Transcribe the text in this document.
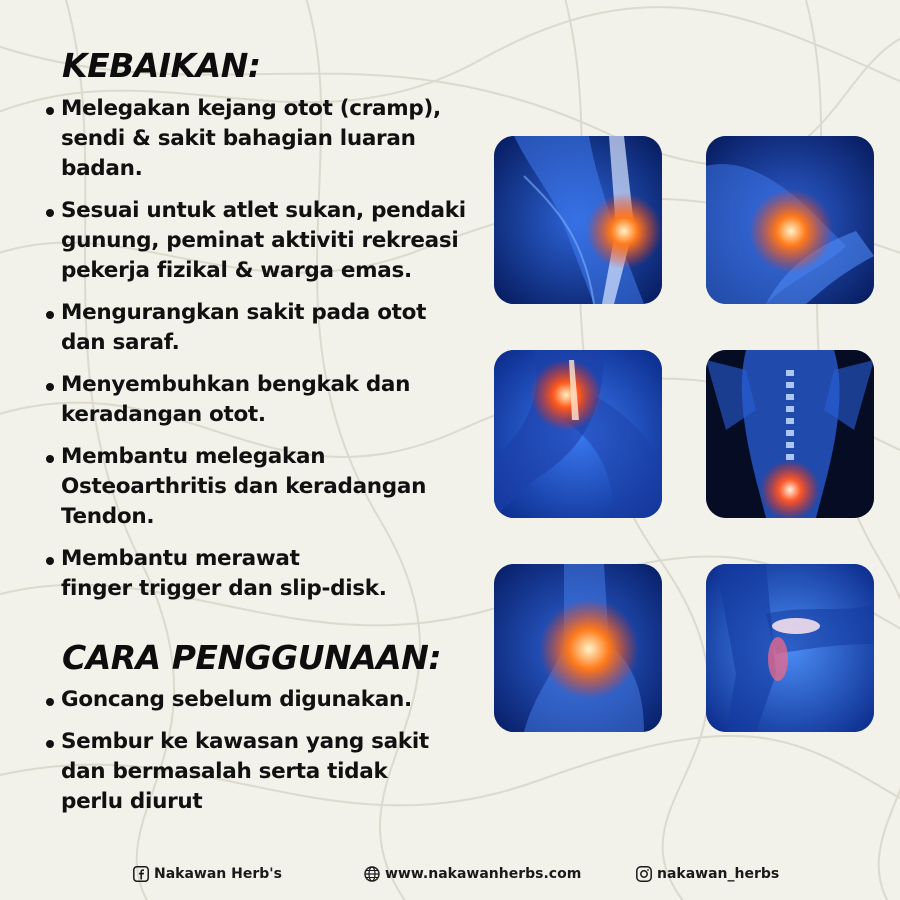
KEBAIKAN:
Melegakan kejang otot (cramp),
sendi & sakit bahagian luaran
badan.
Sesuai untuk atlet sukan, pendaki
gunung, peminat aktiviti rekreasi
pekerja fizikal & warga emas.
Mengurangkan sakit pada otot
dan saraf.
Menyembuhkan bengkak dan
keradangan otot.
Membantu melegakan
Osteoarthritis dan keradangan
Tendon.
Membantu merawat
finger trigger dan slip-disk.
CARA PENGGUNAAN:
Goncang sebelum digunakan.
Sembur ke kawasan yang sakit
dan bermasalah serta tidak
perlu diurut
Nakawan Herb's	www.nakawanherbs.com	nakawan_herbs
